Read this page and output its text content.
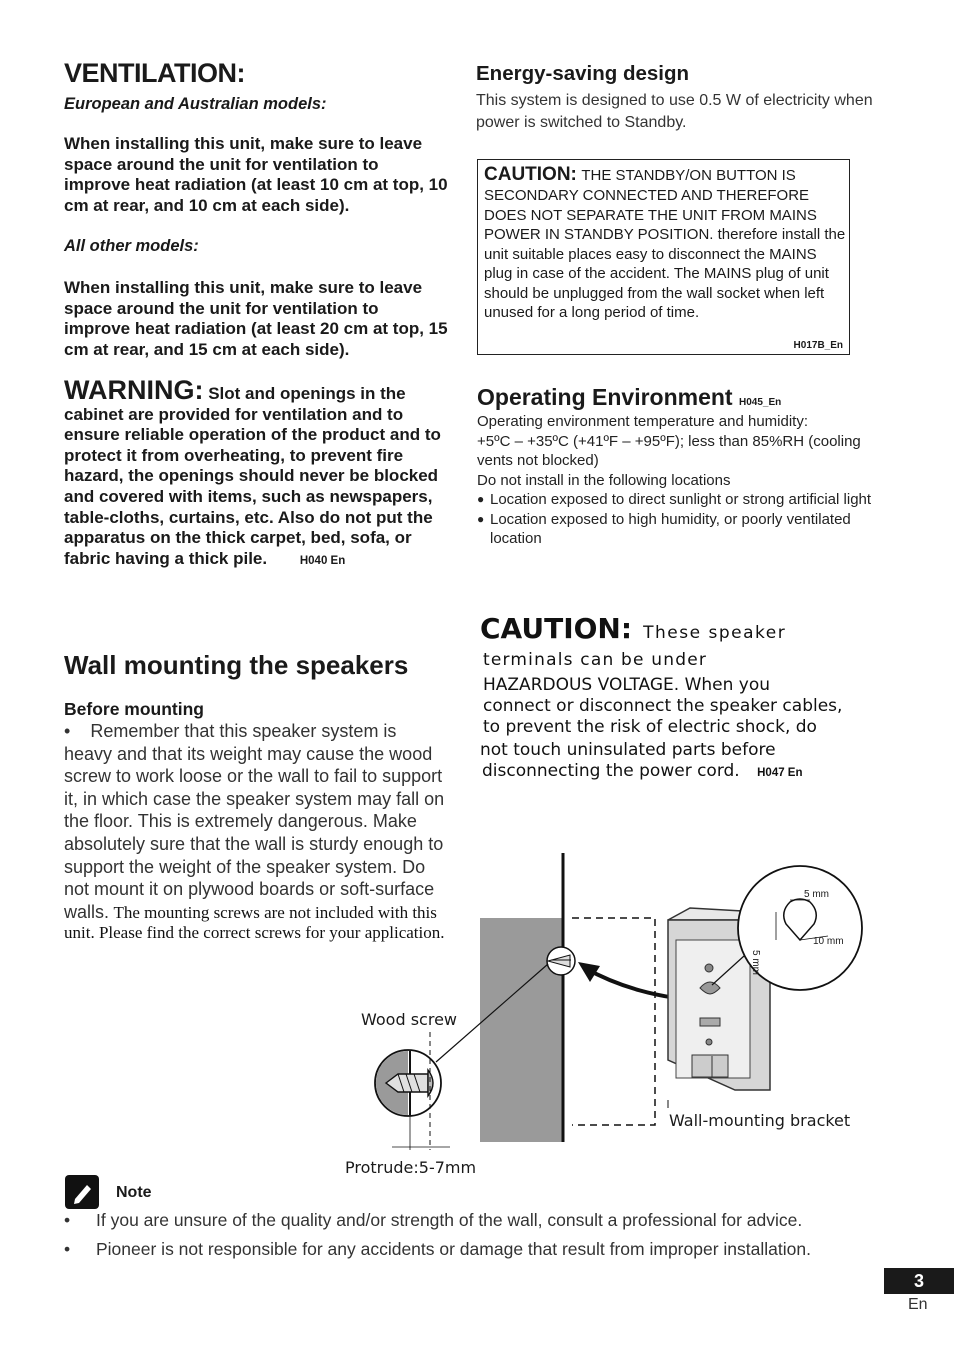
VENTILATION:
European and Australian models:
When installing this unit, make sure to leave space around the unit for ventilation to improve heat radiation (at least 10 cm at top, 10 cm at rear, and 10 cm at each side).
All other models:
When installing this unit, make sure to leave space around the unit for ventilation to improve heat radiation (at least 20 cm at top, 15 cm at rear, and 15 cm at each side).
WARNING: Slot and openings in the cabinet are provided for ventilation and to ensure reliable operation of the product and to protect it from overheating, to prevent fire hazard, the openings should never be blocked and covered with items, such as newspapers, table-cloths, curtains, etc. Also do not put the apparatus on the thick carpet, bed, sofa, or fabric having a thick pile.	H040 En
Wall mounting the speakers
Before mounting
• Remember that this speaker system is heavy and that its weight may cause the wood screw to work loose or the wall to fail to support it, in which case the speaker system may fall on the floor. This is extremely dangerous. Make absolutely sure that the wall is sturdy enough to support the weight of the speaker system. Do not mount it on plywood boards or soft-surface walls. The mounting screws are not included with this unit. Please find the correct screws for your application.
Energy-saving design
This system is designed to use 0.5 W of electricity when power is switched to Standby.
CAUTION: THE STANDBY/ON BUTTON IS SECONDARY CONNECTED AND THEREFORE DOES NOT SEPARATE THE UNIT FROM MAINS POWER IN STANDBY POSITION. therefore install the unit suitable places easy to disconnect the MAINS plug in case of the accident. The MAINS plug of unit should be unplugged from the wall socket when left unused for a long period of time.
H017B_En
Operating Environment H045_En
Operating environment temperature and humidity:
+5ºC – +35ºC (+41ºF – +95ºF); less than 85%RH (cooling vents not blocked)
Do not install in the following locations
● Location exposed to direct sunlight or strong artificial light
● Location exposed to high humidity, or poorly ventilated location
CAUTION: These speaker
terminals can be under
HAZARDOUS VOLTAGE. When you
connect or disconnect the speaker cables,
to prevent the risk of electric shock, do
not touch uninsulated parts before
disconnecting the power cord. H047 En
Wood screw
Protrude:5-7mm
Wall-mounting bracket
5 mm
10 mm
5 mm
Note
•	If you are unsure of the quality and/or strength of the wall, consult a professional for advice.
•	Pioneer is not responsible for any accidents or damage that result from improper installation.
3
En
